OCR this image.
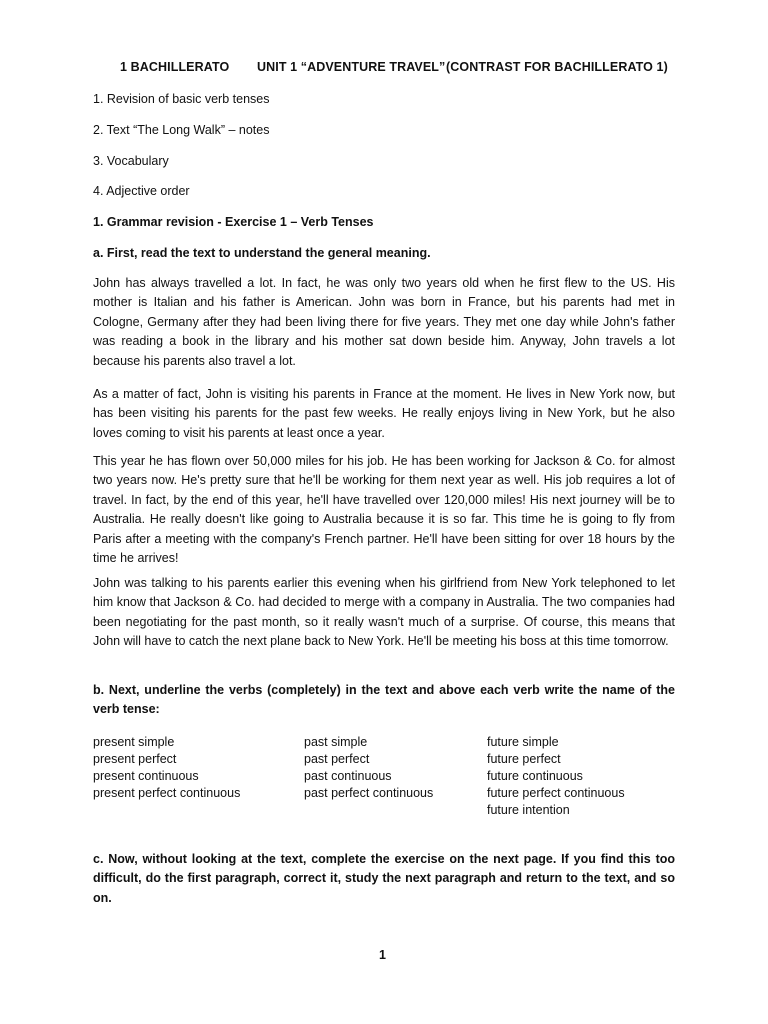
1 BACHILLERATO UNIT 1 “ADVENTURE TRAVEL”(CONTRAST FOR BACHILLERATO 1)
1. Revision of basic verb tenses
2. Text “The Long Walk” – notes
3. Vocabulary
4. Adjective order
1. Grammar revision - Exercise 1 – Verb Tenses
a. First, read the text to understand the general meaning.
John has always travelled a lot. In fact, he was only two years old when he first flew to the US. His mother is Italian and his father is American. John was born in France, but his parents had met in Cologne, Germany after they had been living there for five years. They met one day while John's father was reading a book in the library and his mother sat down beside him. Anyway, John travels a lot because his parents also travel a lot.
As a matter of fact, John is visiting his parents in France at the moment. He lives in New York now, but has been visiting his parents for the past few weeks. He really enjoys living in New York, but he also loves coming to visit his parents at least once a year.
This year he has flown over 50,000 miles for his job. He has been working for Jackson & Co. for almost two years now. He's pretty sure that he'll be working for them next year as well. His job requires a lot of travel. In fact, by the end of this year, he'll have travelled over 120,000 miles! His next journey will be to Australia. He really doesn't like going to Australia because it is so far. This time he is going to fly from Paris after a meeting with the company's French partner. He'll have been sitting for over 18 hours by the time he arrives!
John was talking to his parents earlier this evening when his girlfriend from New York telephoned to let him know that Jackson & Co. had decided to merge with a company in Australia. The two companies had been negotiating for the past month, so it really wasn't much of a surprise. Of course, this means that John will have to catch the next plane back to New York. He'll be meeting his boss at this time tomorrow.
b. Next, underline the verbs (completely) in the text and above each verb write the name of the verb tense:
present simple
present perfect
present continuous
present perfect continuous
past simple
past perfect
past continuous
past perfect continuous
future simple
future perfect
future continuous
future perfect continuous
future intention
c. Now, without looking at the text, complete the exercise on the next page. If you find this too difficult, do the first paragraph, correct it, study the next paragraph and return to the text, and so on.
1
